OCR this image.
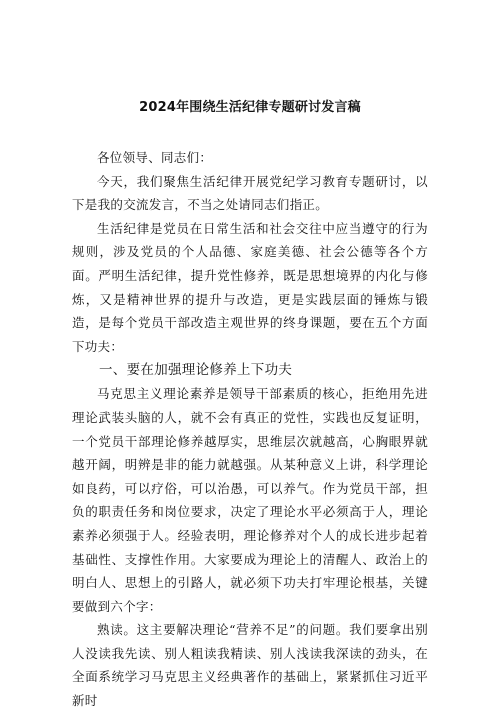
2024年围绕生活纪律专题研讨发言稿

各位领导、同志们：

今天，我们聚焦生活纪律开展党纪学习教育专题研讨，以下是我的交流发言，不当之处请同志们指正。

生活纪律是党员在日常生活和社会交往中应当遵守的行为规则，涉及党员的个人品德、家庭美德、社会公德等各个方面。严明生活纪律，提升党性修养，既是思想境界的内化与修炼，又是精神世界的提升与改造，更是实践层面的锤炼与锻造，是每个党员干部改造主观世界的终身课题，要在五个方面下功夫：

一、要在加强理论修养上下功夫

马克思主义理论素养是领导干部素质的核心，拒绝用先进理论武装头脑的人，就不会有真正的党性，实践也反复证明，一个党员干部理论修养越厚实，思维层次就越高，心胸眼界就越开阔，明辨是非的能力就越强。从某种意义上讲，科学理论如良药，可以疗俗，可以治愚，可以养气。作为党员干部，担负的职责任务和岗位要求，决定了理论水平必须高于人，理论素养必须强于人。经验表明，理论修养对个人的成长进步起着基础性、支撑性作用。大家要成为理论上的清醒人、政治上的明白人、思想上的引路人，就必须下功夫打牢理论根基，关键要做到六个字：

熟读。这主要解决理论“营养不足”的问题。我们要拿出别人没读我先读、别人粗读我精读、别人浅读我深读的劲头，在全面系统学习马克思主义经典著作的基础上，紧紧抓住习近平新时
